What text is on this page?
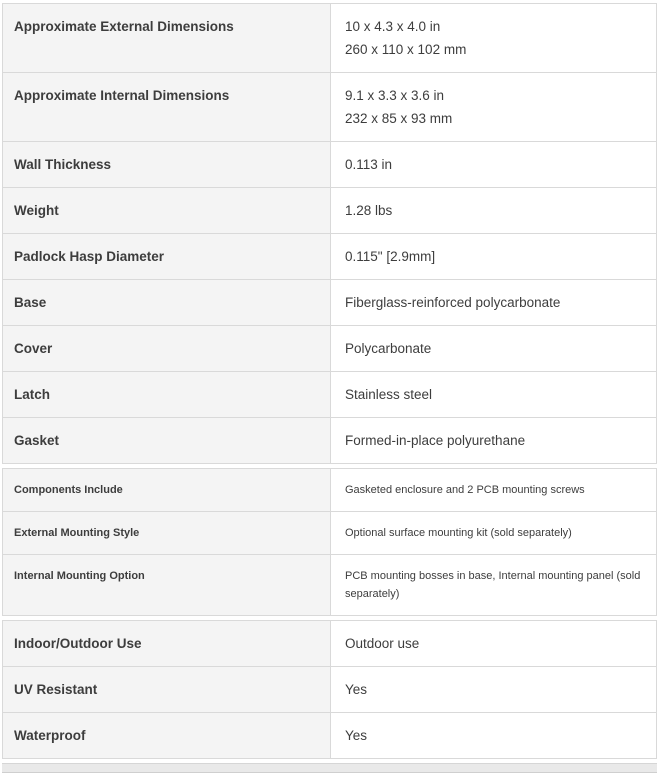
Approximate External Dimensions	10 x 4.3 x 4.0 in
260 x 110 x 102 mm
Approximate Internal Dimensions	9.1 x 3.3 x 3.6 in
232 x 85 x 93 mm
Wall Thickness	0.113 in
Weight	1.28 lbs
Padlock Hasp Diameter	0.115" [2.9mm]
Base	Fiberglass-reinforced polycarbonate
Cover	Polycarbonate
Latch	Stainless steel
Gasket	Formed-in-place polyurethane
Components Include	Gasketed enclosure and 2 PCB mounting screws
External Mounting Style	Optional surface mounting kit (sold separately)
Internal Mounting Option	PCB mounting bosses in base, Internal mounting panel (sold separately)
Indoor/Outdoor Use	Outdoor use
UV Resistant	Yes
Waterproof	Yes
